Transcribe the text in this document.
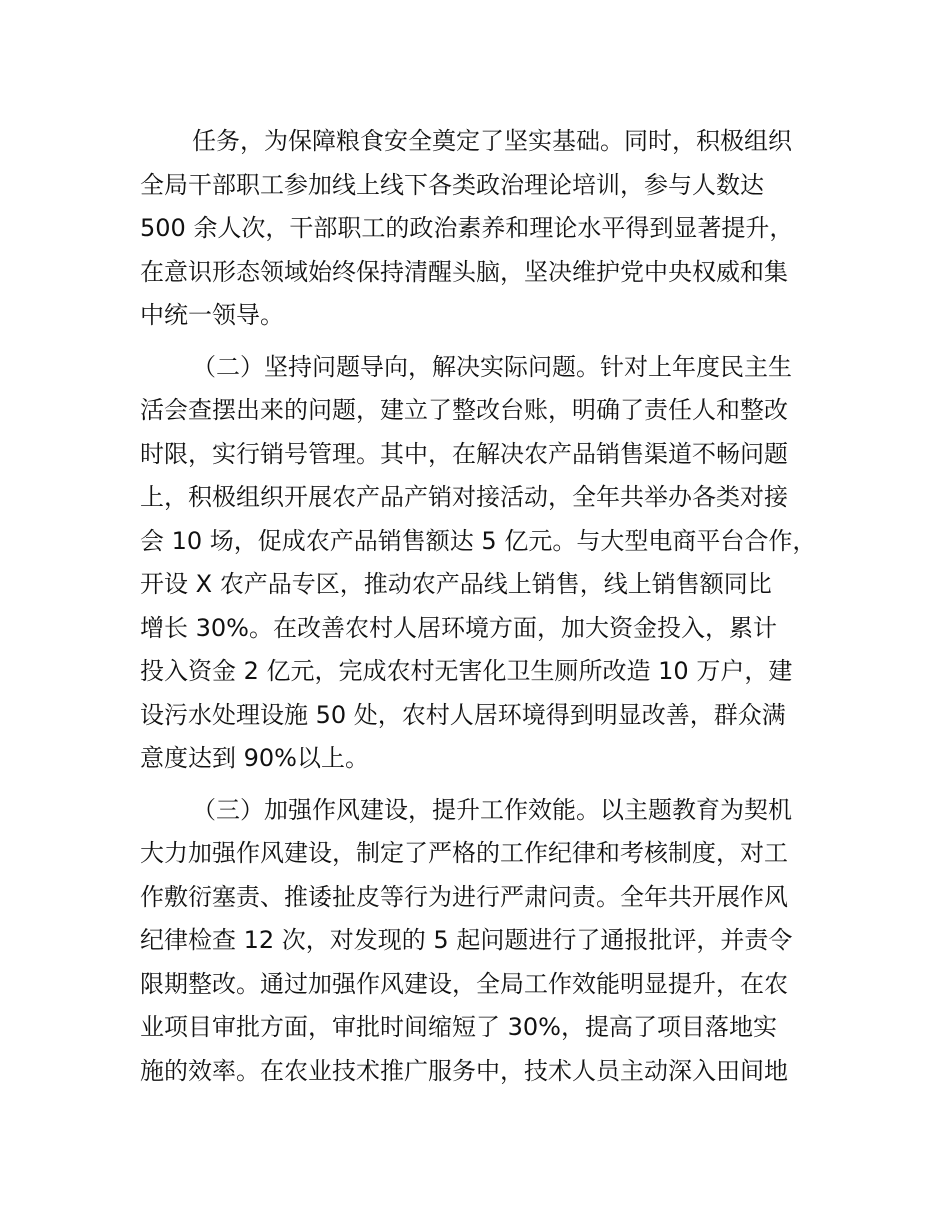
任务，为保障粮食安全奠定了坚实基础。同时，积极组织
全局干部职工参加线上线下各类政治理论培训，参与人数达
500 余人次，干部职工的政治素养和理论水平得到显著提升，
在意识形态领域始终保持清醒头脑，坚决维护党中央权威和集
中统一领导。
（二）坚持问题导向，解决实际问题。针对上年度民主生
活会查摆出来的问题，建立了整改台账，明确了责任人和整改
时限，实行销号管理。其中，在解决农产品销售渠道不畅问题
上，积极组织开展农产品产销对接活动，全年共举办各类对接
会 10 场，促成农产品销售额达 5 亿元。与大型电商平台合作，
开设 X 农产品专区，推动农产品线上销售，线上销售额同比
增长 30%。在改善农村人居环境方面，加大资金投入，累计
投入资金 2 亿元，完成农村无害化卫生厕所改造 10 万户，建
设污水处理设施 50 处，农村人居环境得到明显改善，群众满
意度达到 90%以上。
（三）加强作风建设，提升工作效能。以主题教育为契机
大力加强作风建设，制定了严格的工作纪律和考核制度，对工
作敷衍塞责、推诿扯皮等行为进行严肃问责。全年共开展作风
纪律检查 12 次，对发现的 5 起问题进行了通报批评，并责令
限期整改。通过加强作风建设，全局工作效能明显提升，在农
业项目审批方面，审批时间缩短了 30%，提高了项目落地实
施的效率。在农业技术推广服务中，技术人员主动深入田间地
